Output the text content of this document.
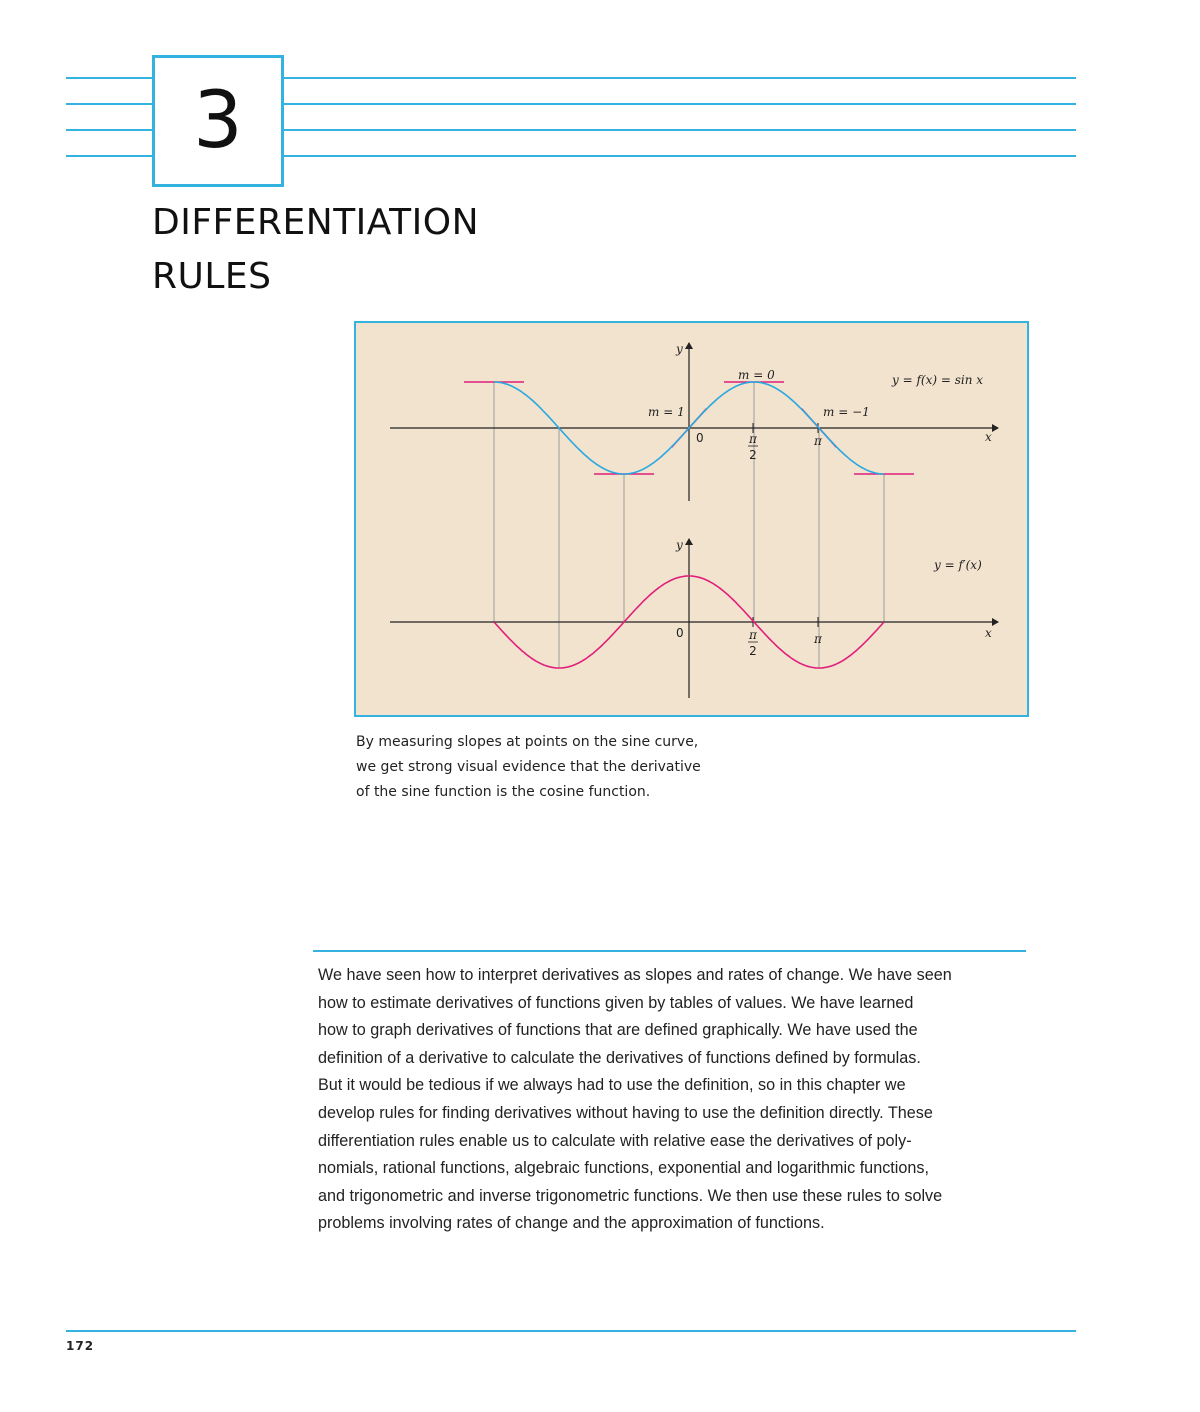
3
DIFFERENTIATION
RULES
y
x
0	π
2
π
m = 1
m = 0
m = −1
y = f(x) = sin x
y
x
0	π
2
π
y = f′(x)

By measuring slopes at points on the sine curve,
we get strong visual evidence that the derivative
of the sine function is the cosine function.

We have seen how to interpret derivatives as slopes and rates of change. We have seen
how to estimate derivatives of functions given by tables of values. We have learned
how to graph derivatives of functions that are defined graphically. We have used the
definition of a derivative to calculate the derivatives of functions defined by formulas.
But it would be tedious if we always had to use the definition, so in this chapter we
develop rules for finding derivatives without having to use the definition directly. These
differentiation rules enable us to calculate with relative ease the derivatives of poly-
nomials, rational functions, algebraic functions, exponential and logarithmic functions,
and trigonometric and inverse trigonometric functions. We then use these rules to solve
problems involving rates of change and the approximation of functions.

172
